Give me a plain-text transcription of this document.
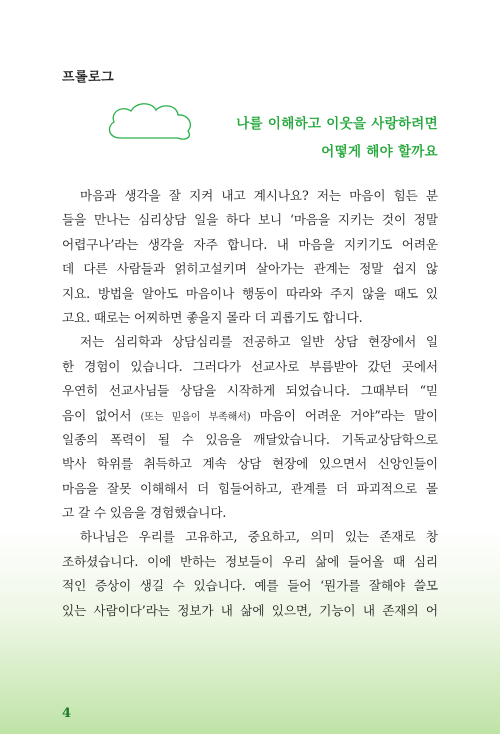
프롤로그
나를 이해하고 이웃을 사랑하려면
어떻게 해야 할까요
마음과 생각을 잘 지켜 내고 계시나요? 저는 마음이 힘든 분
들을 만나는 심리상담 일을 하다 보니 ‘마음을 지키는 것이 정말
어렵구나’라는 생각을 자주 합니다. 내 마음을 지키기도 어려운
데 다른 사람들과 얽히고설키며 살아가는 관계는 정말 쉽지 않
지요. 방법을 알아도 마음이나 행동이 따라와 주지 않을 때도 있
고요. 때로는 어찌하면 좋을지 몰라 더 괴롭기도 합니다.
저는 심리학과 상담심리를 전공하고 일반 상담 현장에서 일
한 경험이 있습니다. 그러다가 선교사로 부름받아 갔던 곳에서
우연히 선교사님들 상담을 시작하게 되었습니다. 그때부터 “믿
음이 없어서 (또는 믿음이 부족해서) 마음이 어려운 거야”라는 말이
일종의 폭력이 될 수 있음을 깨달았습니다. 기독교상담학으로
박사 학위를 취득하고 계속 상담 현장에 있으면서 신앙인들이
마음을 잘못 이해해서 더 힘들어하고, 관계를 더 파괴적으로 몰
고 갈 수 있음을 경험했습니다.
하나님은 우리를 고유하고, 중요하고, 의미 있는 존재로 창
조하셨습니다. 이에 반하는 정보들이 우리 삶에 들어올 때 심리
적인 증상이 생길 수 있습니다. 예를 들어 ‘뭔가를 잘해야 쓸모
있는 사람이다’라는 정보가 내 삶에 있으면, 기능이 내 존재의 어
4
